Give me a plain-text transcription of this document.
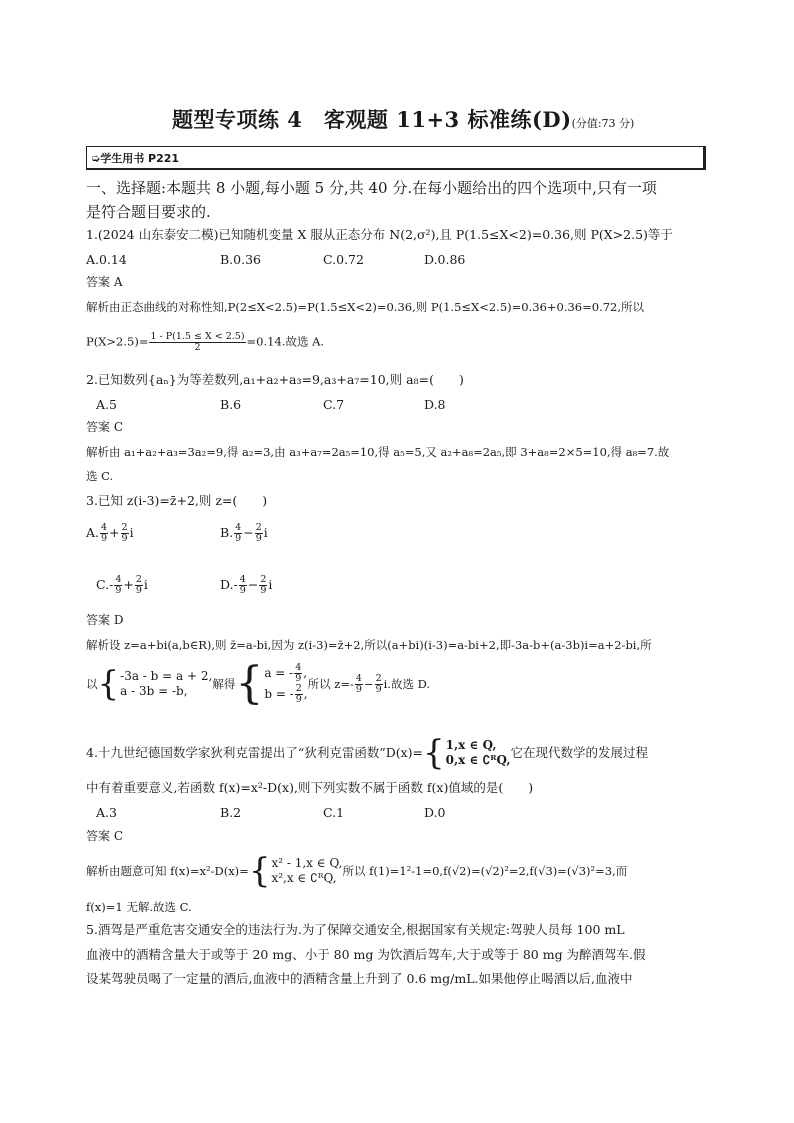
题型专项练 4　客观题 11+3 标准练(D)(分值:73 分)
➭学生用书 P221
一、选择题:本题共 8 小题,每小题 5 分,共 40 分.在每小题给出的四个选项中,只有一项
是符合题目要求的.
1.(2024 山东泰安二模)已知随机变量 X 服从正态分布 N(2,σ²),且 P(1.5≤X<2)=0.36,则 P(X>2.5)等于
A.0.14	B.0.36	C.0.72	D.0.86
答案 A
解析由正态曲线的对称性知,P(2≤X<2.5)=P(1.5≤X<2)=0.36,则 P(1.5≤X<2.5)=0.36+0.36=0.72,所以
$P(X>2.5)= \frac{1 - P(1.5 \le X < 2.5)}{2} =0.14$.故选 A.
2.已知数列{aₙ}为等差数列,a₁+a₂+a₃=9,a₃+a₇=10,则 a₈=(　　)
A.5	B.6	C.7	D.8
答案 C
解析由 a₁+a₂+a₃=3a₂=9,得 a₂=3,由 a₃+a₇=2a₅=10,得 a₅=5,又 a₂+a₈=2a₅,即 3+a₈=2×5=10,得 a₈=7.故
选 C.
3.已知 z(i-3)=z̄+2,则 z=(　　)
A. $\frac{4}{9} + \frac{2}{9}$ i	B. $\frac{4}{9} - \frac{2}{9}$ i
$C.- \frac{4}{9} + \frac{2}{9}$ i	$D.- \frac{4}{9} - \frac{2}{9}$ i
答案 D
解析设 z=a+bi(a,b∈R),则 z̄=a-bi,因为 z(i-3)=z̄+2,所以(a+bi)(i-3)=a-bi+2,即-3a-b+(a-3b)i=a+2-bi,所
以 { -3a - b = a + 2,
a - 3b = -b,	解得 { a = - $\frac{4}{9}$ ,
b = - $\frac{2}{9}$ ,
所以 $z=- \frac{4}{9} - \frac{2}{9} i$.故选 D.
4.十九世纪德国数学家狄利克雷提出了“狄利克雷函数”D(x)= { 1,x ∈ Q,
0,x ∈ ∁ᴿQ, 它在现代数学的发展过程
中有着重要意义,若函数 f(x)=x²-D(x),则下列实数不属于函数 f(x)值域的是(　　)
A.3	B.2	C.1	D.0
答案 C
解析由题意可知 f(x)=x²-D(x)= { x² - 1,x ∈ Q,
x²,x ∈ ∁ᴿQ, 所以 f(1)=1²-1=0,f(√2)=(√2)²=2,f(√3)=(√3)²=3,而
f(x)=1 无解.故选 C.
5.酒驾是严重危害交通安全的违法行为.为了保障交通安全,根据国家有关规定:驾驶人员每 100 mL
血液中的酒精含量大于或等于 20 mg、小于 80 mg 为饮酒后驾车,大于或等于 80 mg 为醉酒驾车.假
设某驾驶员喝了一定量的酒后,血液中的酒精含量上升到了 0.6 mg/mL.如果他停止喝酒以后,血液中
